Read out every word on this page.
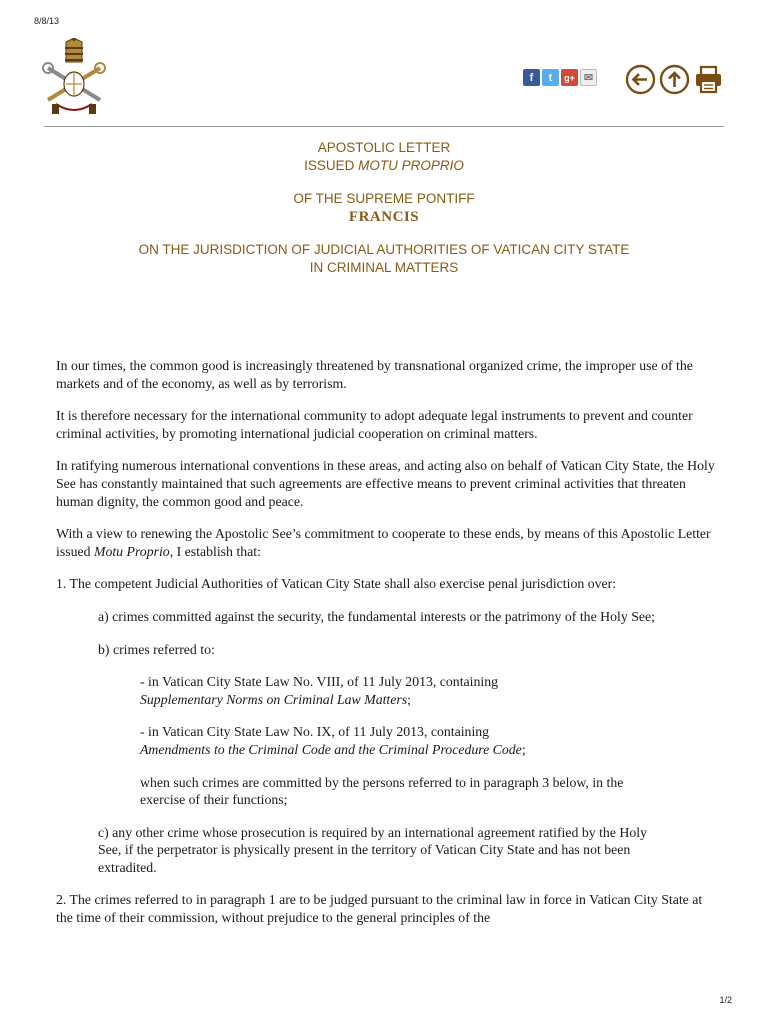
8/8/13
f	t	g+ ✉
APOSTOLIC LETTER
ISSUED MOTU PROPRIO
OF THE SUPREME PONTIFF
FRANCIS
ON THE JURISDICTION OF JUDICIAL AUTHORITIES OF VATICAN CITY STATE
IN CRIMINAL MATTERS

In our times, the common good is increasingly threatened by transnational organized crime, the improper use of the markets and of the economy, as well as by terrorism.

It is therefore necessary for the international community to adopt adequate legal instruments to prevent and counter criminal activities, by promoting international judicial cooperation on criminal matters.

In ratifying numerous international conventions in these areas, and acting also on behalf of Vatican City State, the Holy See has constantly maintained that such agreements are effective means to prevent criminal activities that threaten human dignity, the common good and peace.

With a view to renewing the Apostolic See’s commitment to cooperate to these ends, by means of this Apostolic Letter issued Motu Proprio, I establish that:

1. The competent Judicial Authorities of Vatican City State shall also exercise penal jurisdiction over:

a) crimes committed against the security, the fundamental interests or the patrimony of the Holy See;

b) crimes referred to:

- in Vatican City State Law No. VIII, of 11 July 2013, containing
Supplementary Norms on Criminal Law Matters;

- in Vatican City State Law No. IX, of 11 July 2013, containing
Amendments to the Criminal Code and the Criminal Procedure Code;

when such crimes are committed by the persons referred to in paragraph 3 below, in the exercise of their functions;

c) any other crime whose prosecution is required by an international agreement ratified by the Holy See, if the perpetrator is physically present in the territory of Vatican City State and has not been extradited.

2. The crimes referred to in paragraph 1 are to be judged pursuant to the criminal law in force in Vatican City State at the time of their commission, without prejudice to the general principles of the

1/2
